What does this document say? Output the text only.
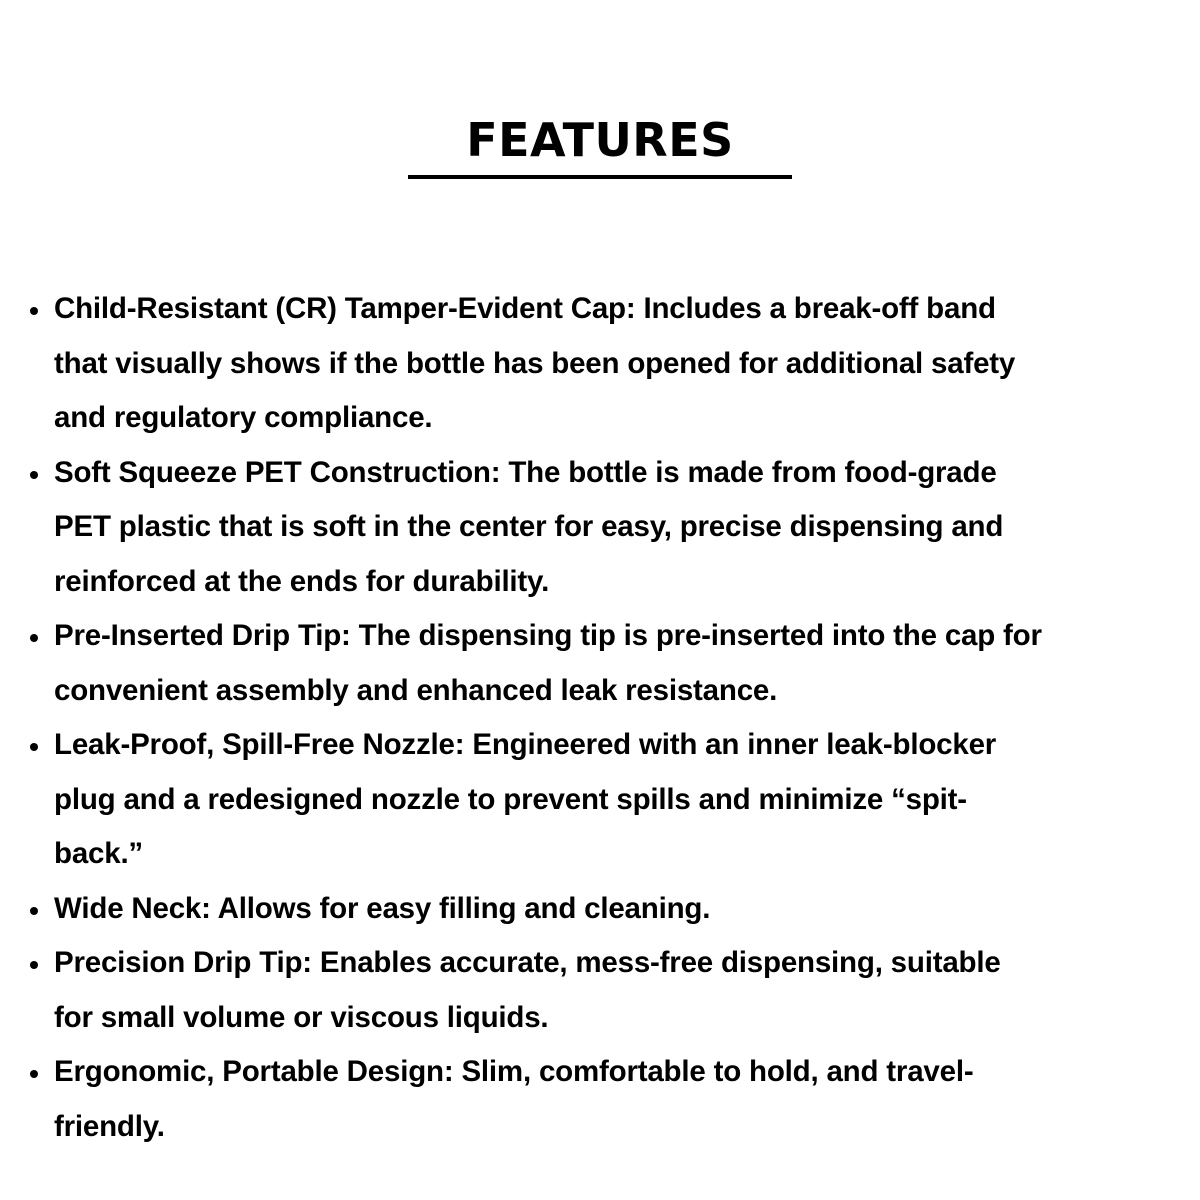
FEATURES
Child-Resistant (CR) Tamper-Evident Cap: Includes a break-off band
that visually shows if the bottle has been opened for additional safety
and regulatory compliance.
Soft Squeeze PET Construction: The bottle is made from food-grade
PET plastic that is soft in the center for easy, precise dispensing and
reinforced at the ends for durability.
Pre-Inserted Drip Tip: The dispensing tip is pre-inserted into the cap for
convenient assembly and enhanced leak resistance.
Leak-Proof, Spill-Free Nozzle: Engineered with an inner leak-blocker
plug and a redesigned nozzle to prevent spills and minimize “spit-
back.”
Wide Neck: Allows for easy filling and cleaning.
Precision Drip Tip: Enables accurate, mess-free dispensing, suitable
for small volume or viscous liquids.
Ergonomic, Portable Design: Slim, comfortable to hold, and travel-
friendly.
